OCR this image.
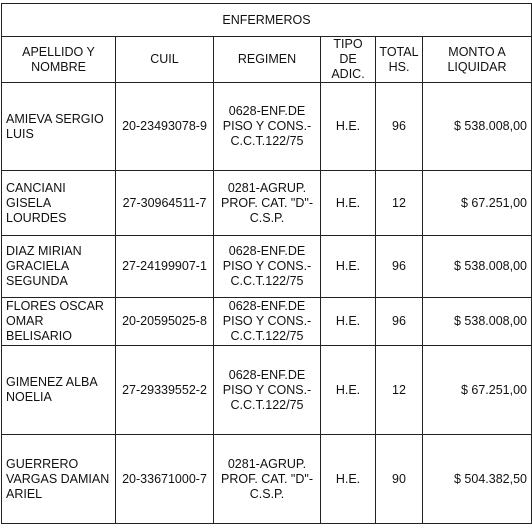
ENFERMEROS					
APELLIDO Y NOMBRE	CUIL	REGIMEN	TIPO DE ADIC.	TOTAL HS.	MONTO A LIQUIDAR
AMIEVA SERGIO LUIS	20-23493078-9	0628-ENF.DE PISO Y CONS.- C.C.T.122/75	H.E.	96	$ 538.008,00
CANCIANI GISELA LOURDES	27-30964511-7	0281-AGRUP. PROF. CAT. "D"-C.S.P.	H.E.	12	$ 67.251,00
DIAZ MIRIAN GRACIELA SEGUNDA	27-24199907-1	0628-ENF.DE PISO Y CONS.- C.C.T.122/75	H.E.	96	$ 538.008,00
FLORES OSCAR OMAR BELISARIO	20-20595025-8	0628-ENF.DE PISO Y CONS.- C.C.T.122/75	H.E.	96	$ 538.008,00
GIMENEZ ALBA NOELIA	27-29339552-2	0628-ENF.DE PISO Y CONS.- C.C.T.122/75	H.E.	12	$ 67.251,00
GUERRERO VARGAS DAMIAN ARIEL	20-33671000-7	0281-AGRUP. PROF. CAT. "D"-C.S.P.	H.E.	90	$ 504.382,50
